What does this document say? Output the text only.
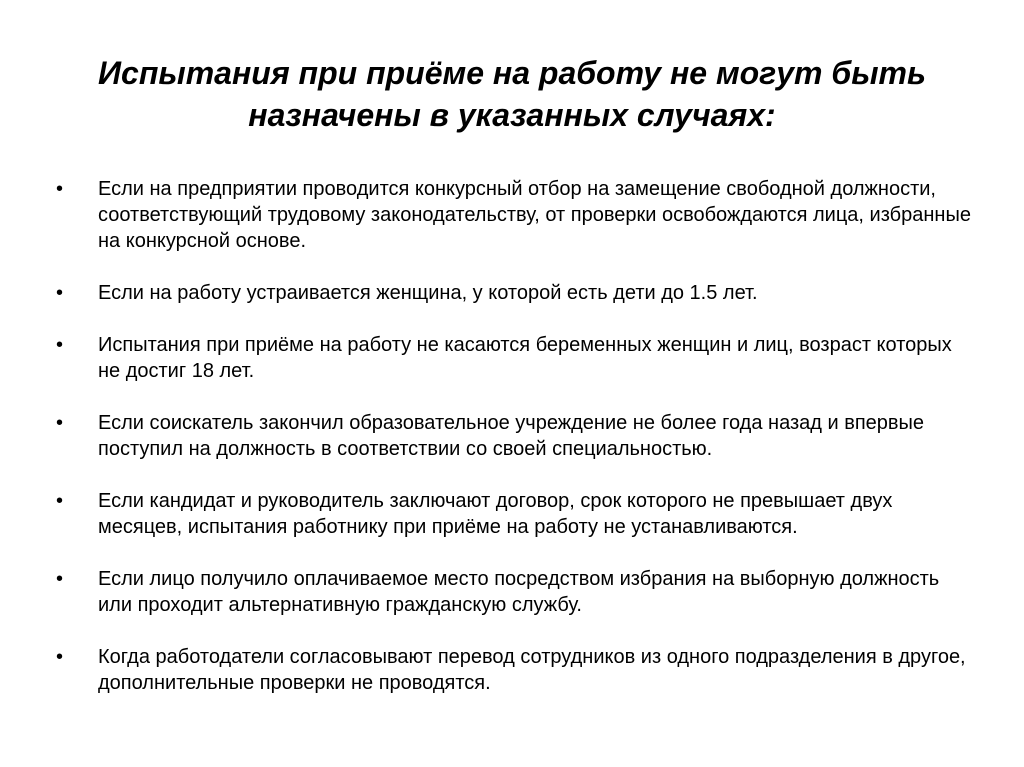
Испытания при приёме на работу не могут быть назначены в указанных случаях:
•	Если на предприятии проводится конкурсный отбор на замещение свободной должности, соответствующий трудовому законодательству, от проверки освобождаются лица, избранные на конкурсной основе.
•	Если на работу устраивается женщина, у которой есть дети до 1.5 лет.
•	Испытания при приёме на работу не касаются беременных женщин и лиц, возраст которых не достиг 18 лет.
•	Если соискатель закончил образовательное учреждение не более года назад и впервые поступил на должность в соответствии со своей специальностью.
•	Если кандидат и руководитель заключают договор, срок которого не превышает двух месяцев, испытания работнику при приёме на работу не устанавливаются.
•	Если лицо получило оплачиваемое место посредством избрания на выборную должность или проходит альтернативную гражданскую службу.
•	Когда работодатели согласовывают перевод сотрудников из одного подразделения в другое, дополнительные проверки не проводятся.
